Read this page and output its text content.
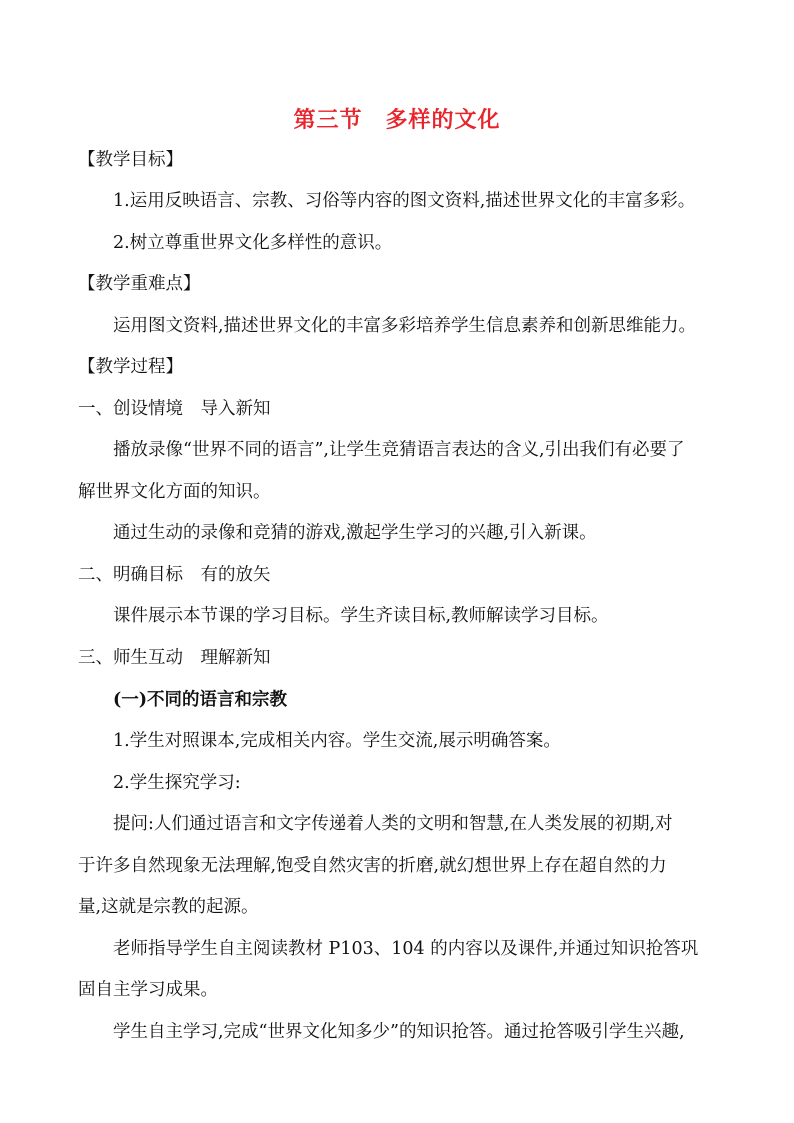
第三节　多样的文化
【教学目标】
1.运用反映语言、宗教、习俗等内容的图文资料,描述世界文化的丰富多彩。
2.树立尊重世界文化多样性的意识。
【教学重难点】
运用图文资料,描述世界文化的丰富多彩培养学生信息素养和创新思维能力。
【教学过程】
一、创设情境　导入新知
播放录像“世界不同的语言”,让学生竞猜语言表达的含义,引出我们有必要了
解世界文化方面的知识。
通过生动的录像和竞猜的游戏,激起学生学习的兴趣,引入新课。
二、明确目标　有的放矢
课件展示本节课的学习目标。学生齐读目标,教师解读学习目标。
三、师生互动　理解新知
(一)不同的语言和宗教
1.学生对照课本,完成相关内容。学生交流,展示明确答案。
2.学生探究学习:
提问:人们通过语言和文字传递着人类的文明和智慧,在人类发展的初期,对
于许多自然现象无法理解,饱受自然灾害的折磨,就幻想世界上存在超自然的力
量,这就是宗教的起源。
老师指导学生自主阅读教材 P103、104 的内容以及课件,并通过知识抢答巩
固自主学习成果。
学生自主学习,完成“世界文化知多少”的知识抢答。通过抢答吸引学生兴趣,
